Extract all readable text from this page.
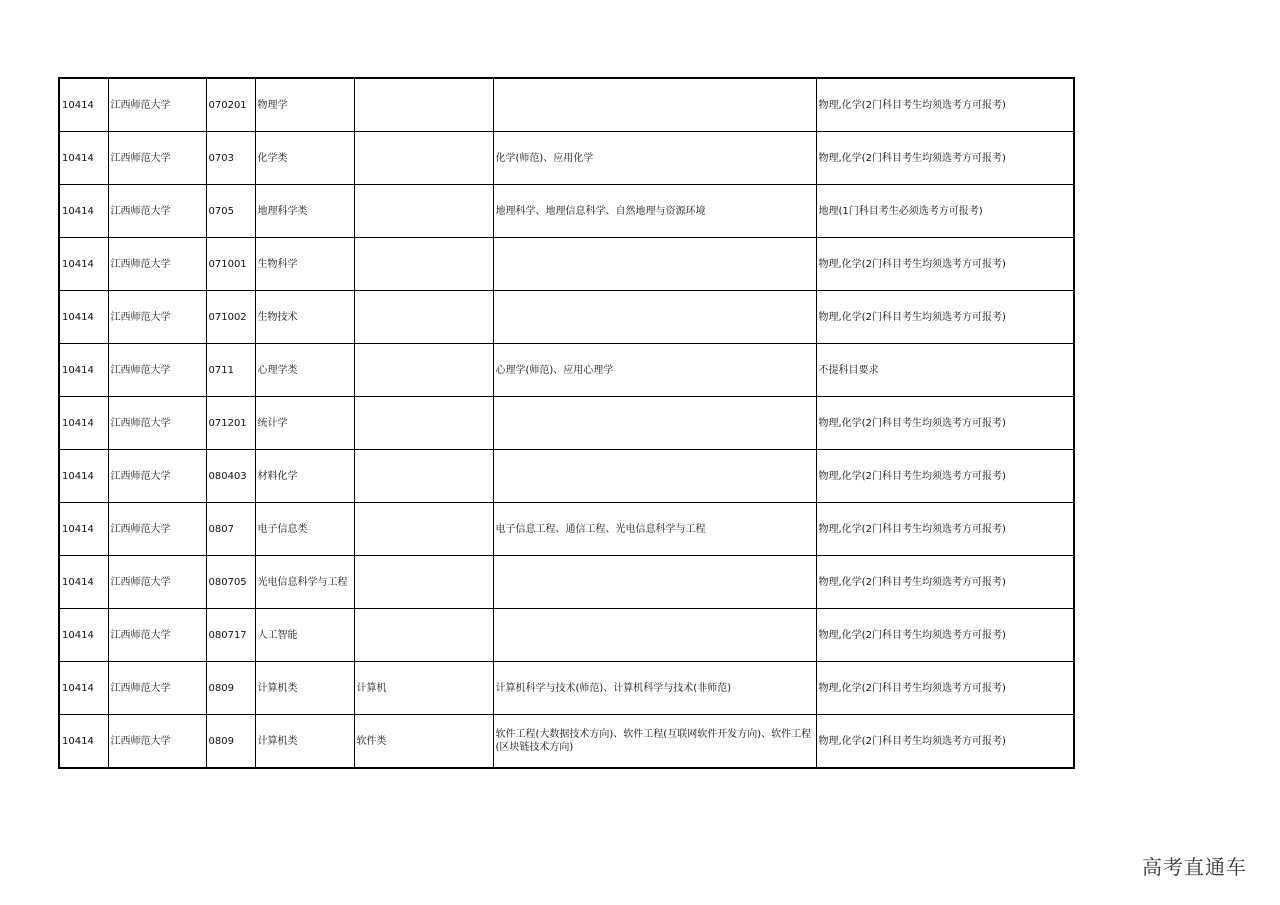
10414	江西师范大学	070201	物理学			物理,化学(2门科目考生均须选考方可报考)
10414	江西师范大学	0703	化学类		化学(师范)、应用化学	物理,化学(2门科目考生均须选考方可报考)
10414	江西师范大学	0705	地理科学类		地理科学、地理信息科学、自然地理与资源环境	地理(1门科目考生必须选考方可报考)
10414	江西师范大学	071001	生物科学			物理,化学(2门科目考生均须选考方可报考)
10414	江西师范大学	071002	生物技术			物理,化学(2门科目考生均须选考方可报考)
10414	江西师范大学	0711	心理学类		心理学(师范)、应用心理学	不提科目要求
10414	江西师范大学	071201	统计学			物理,化学(2门科目考生均须选考方可报考)
10414	江西师范大学	080403	材料化学			物理,化学(2门科目考生均须选考方可报考)
10414	江西师范大学	0807	电子信息类		电子信息工程、通信工程、光电信息科学与工程	物理,化学(2门科目考生均须选考方可报考)
10414	江西师范大学	080705	光电信息科学与工程			物理,化学(2门科目考生均须选考方可报考)
10414	江西师范大学	080717	人工智能			物理,化学(2门科目考生均须选考方可报考)
10414	江西师范大学	0809	计算机类	计算机	计算机科学与技术(师范)、计算机科学与技术(非师范)	物理,化学(2门科目考生均须选考方可报考)
10414	江西师范大学	0809	计算机类	软件类	软件工程(大数据技术方向)、软件工程(互联网软件开发方向)、软件工程(区块链技术方向)	物理,化学(2门科目考生均须选考方可报考)
高考直通车
